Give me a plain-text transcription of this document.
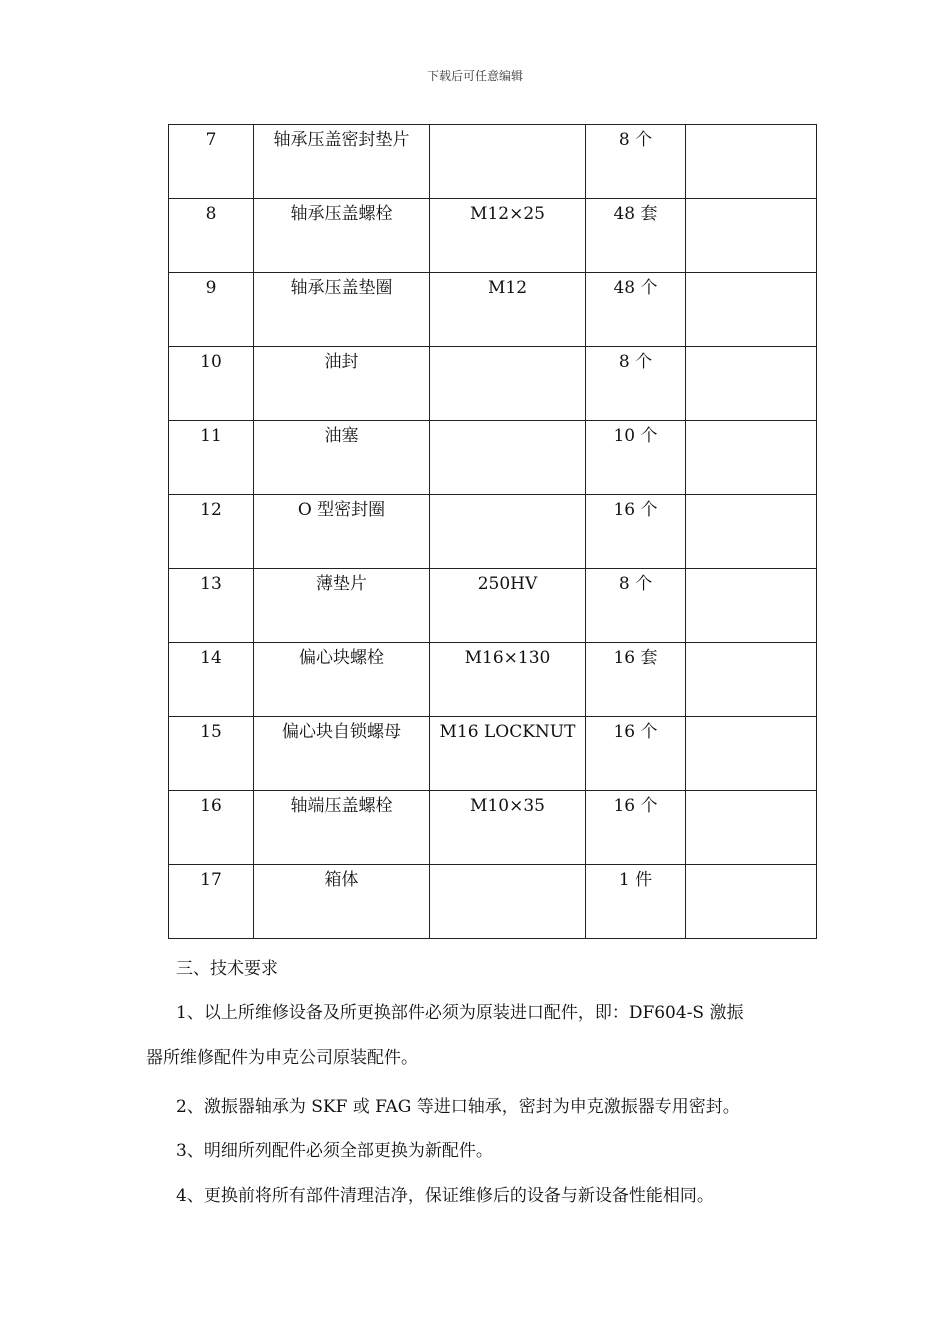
下载后可任意编辑
7	轴承压盖密封垫片		8 个	
8	轴承压盖螺栓	M12×25	48 套	
9	轴承压盖垫圈	M12	48 个	
10	油封		8 个	
11	油塞		10 个	
12	O 型密封圈		16 个	
13	薄垫片	250HV	8 个	
14	偏心块螺栓	M16×130	16 套	
15	偏心块自锁螺母	M16 LOCKNUT	16 个	
16	轴端压盖螺栓	M10×35	16 个	
17	箱体		1 件	
三、技术要求
1、以上所维修设备及所更换部件必须为原装进口配件，即：DF604-S 激振
器所维修配件为申克公司原装配件。
2、激振器轴承为 SKF 或 FAG 等进口轴承，密封为申克激振器专用密封。
3、明细所列配件必须全部更换为新配件。
4、更换前将所有部件清理洁净，保证维修后的设备与新设备性能相同。
